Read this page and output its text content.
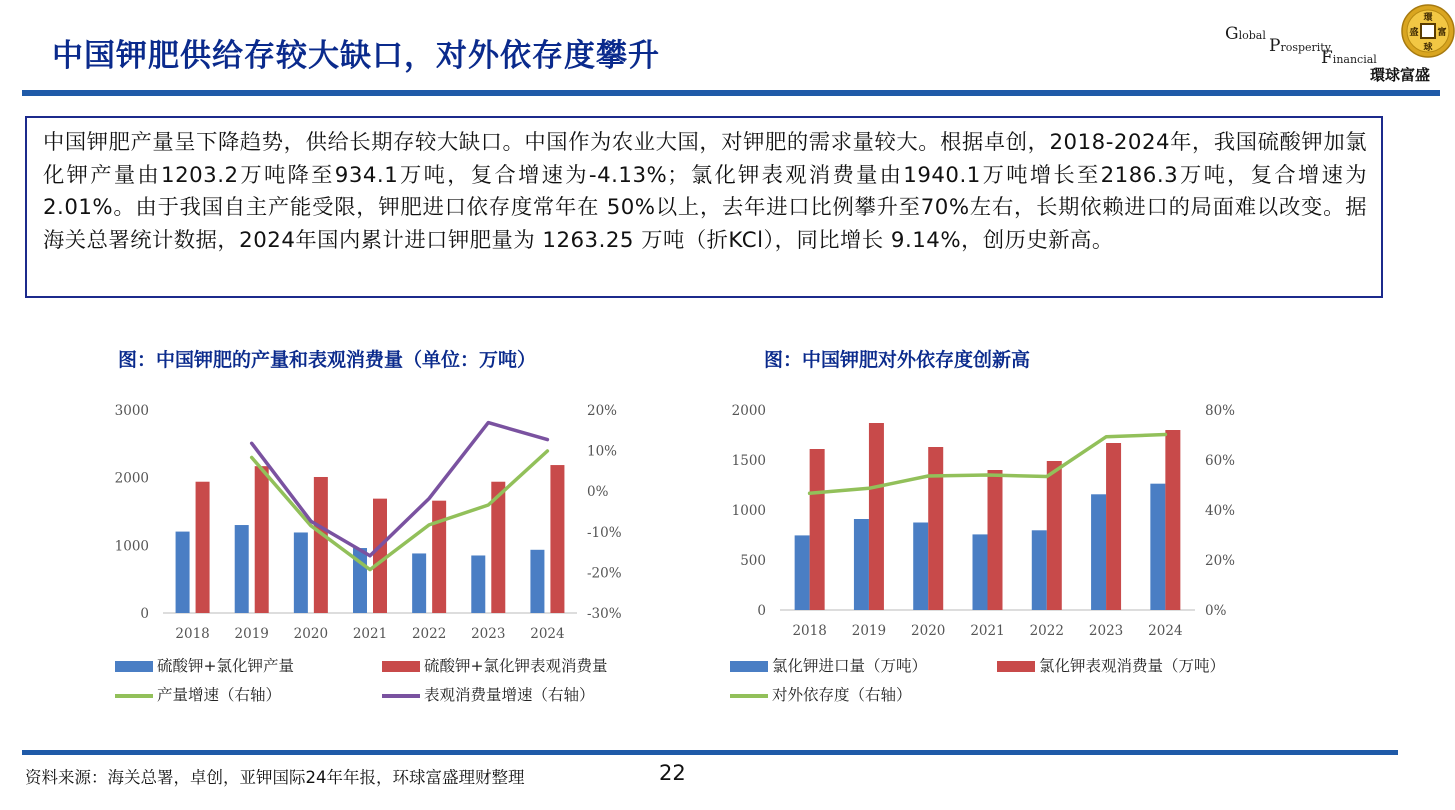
中国钾肥供给存较大缺口，对外依存度攀升
Global
Prosperity
Financial
環
球
盛 富
環球富盛

中国钾肥产量呈下降趋势，供给长期存较大缺口。中国作为农业大国，对钾肥的需求量较大。根据卓创，2018-2024年，我国硫酸钾加氯化钾产量由1203.2万吨降至934.1万吨，复合增速为-4.13%；氯化钾表观消费量由1940.1万吨增长至2186.3万吨，复合增速为2.01%。由于我国自主产能受限，钾肥进口依存度常年在 50%以上，去年进口比例攀升至70%左右，长期依赖进口的局面难以改变。据海关总署统计数据，2024年国内累计进口钾肥量为 1263.25 万吨（折KCl），同比增长 9.14%，创历史新高。

图：中国钾肥的产量和表观消费量（单位：万吨）
0
1000
2000
3000
-30%
-20%
-10%
0%
10%
20%
2018 2019 2020 2021 2022 2023 2024
硫酸钾+氯化钾产量	硫酸钾+氯化钾表观消费量
产量增速（右轴）	表观消费量增速（右轴）
图：中国钾肥对外依存度创新高
0
500
1000
1500
2000
0%
20%
40%
60%
80%
2018 2019 2020 2021 2022 2023 2024
氯化钾进口量（万吨）	氯化钾表观消费量（万吨）
对外依存度（右轴）
资料来源：海关总署，卓创，亚钾国际24年年报，环球富盛理财整理	22
